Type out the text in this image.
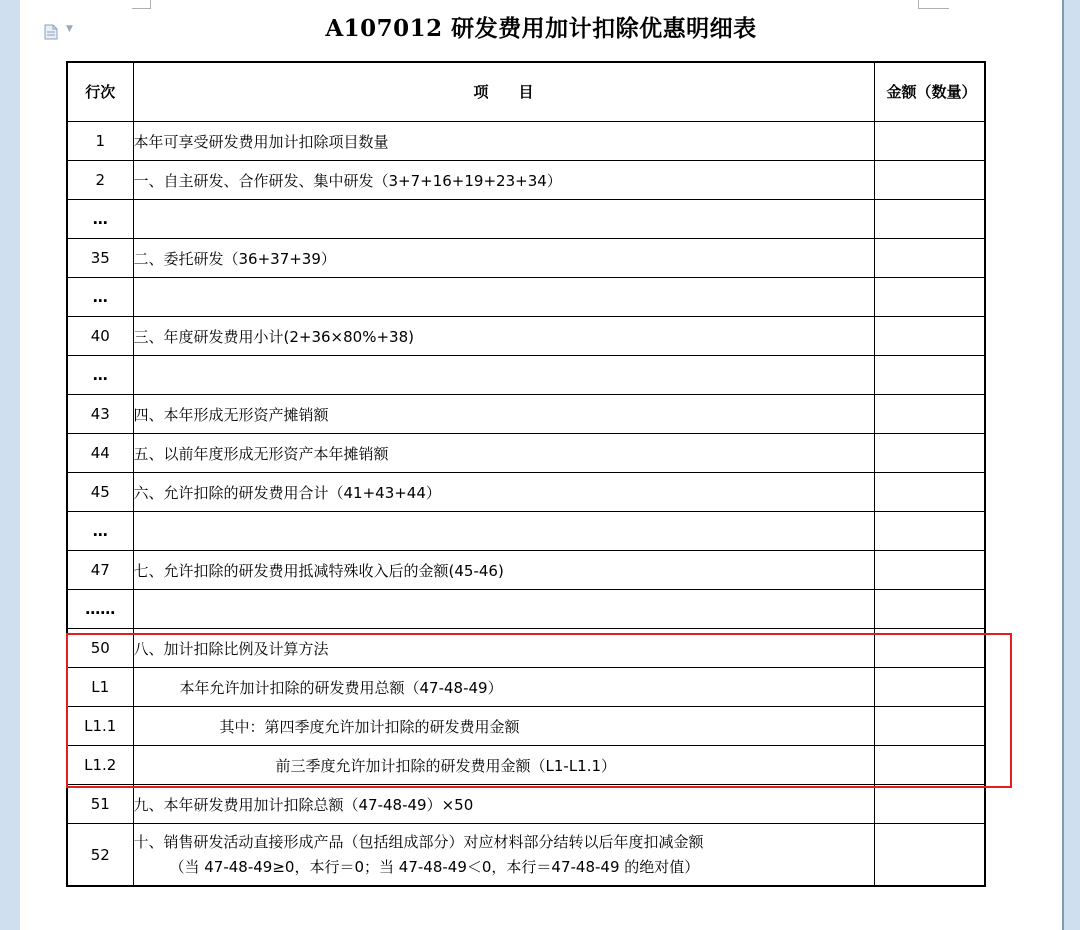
▼	A107012 研发费用加计扣除优惠明细表
行次	项　　目	金额（数量）
1	本年可享受研发费用加计扣除项目数量	
2	一、自主研发、合作研发、集中研发（3+7+16+19+23+34）	
…		
35	二、委托研发（36+37+39）	
…		
40	三、年度研发费用小计(2+36×80%+38)	
…		
43	四、本年形成无形资产摊销额	
44	五、以前年度形成无形资产本年摊销额	
45	六、允许扣除的研发费用合计（41+43+44）	
…		
47	七、允许扣除的研发费用抵减特殊收入后的金额(45-46)	
……		
50	八、加计扣除比例及计算方法	
L1	本年允许加计扣除的研发费用总额（47-48-49）	
L1.1	其中：第四季度允许加计扣除的研发费用金额	
L1.2	前三季度允许加计扣除的研发费用金额（L1-L1.1）	
51	九、本年研发费用加计扣除总额（47-48-49）×50	
52	十、销售研发活动直接形成产品（包括组成部分）对应材料部分结转以后年度扣减金额
（当 47-48-49≥0，本行＝0；当 47-48-49＜0，本行＝47-48-49 的绝对值）	
